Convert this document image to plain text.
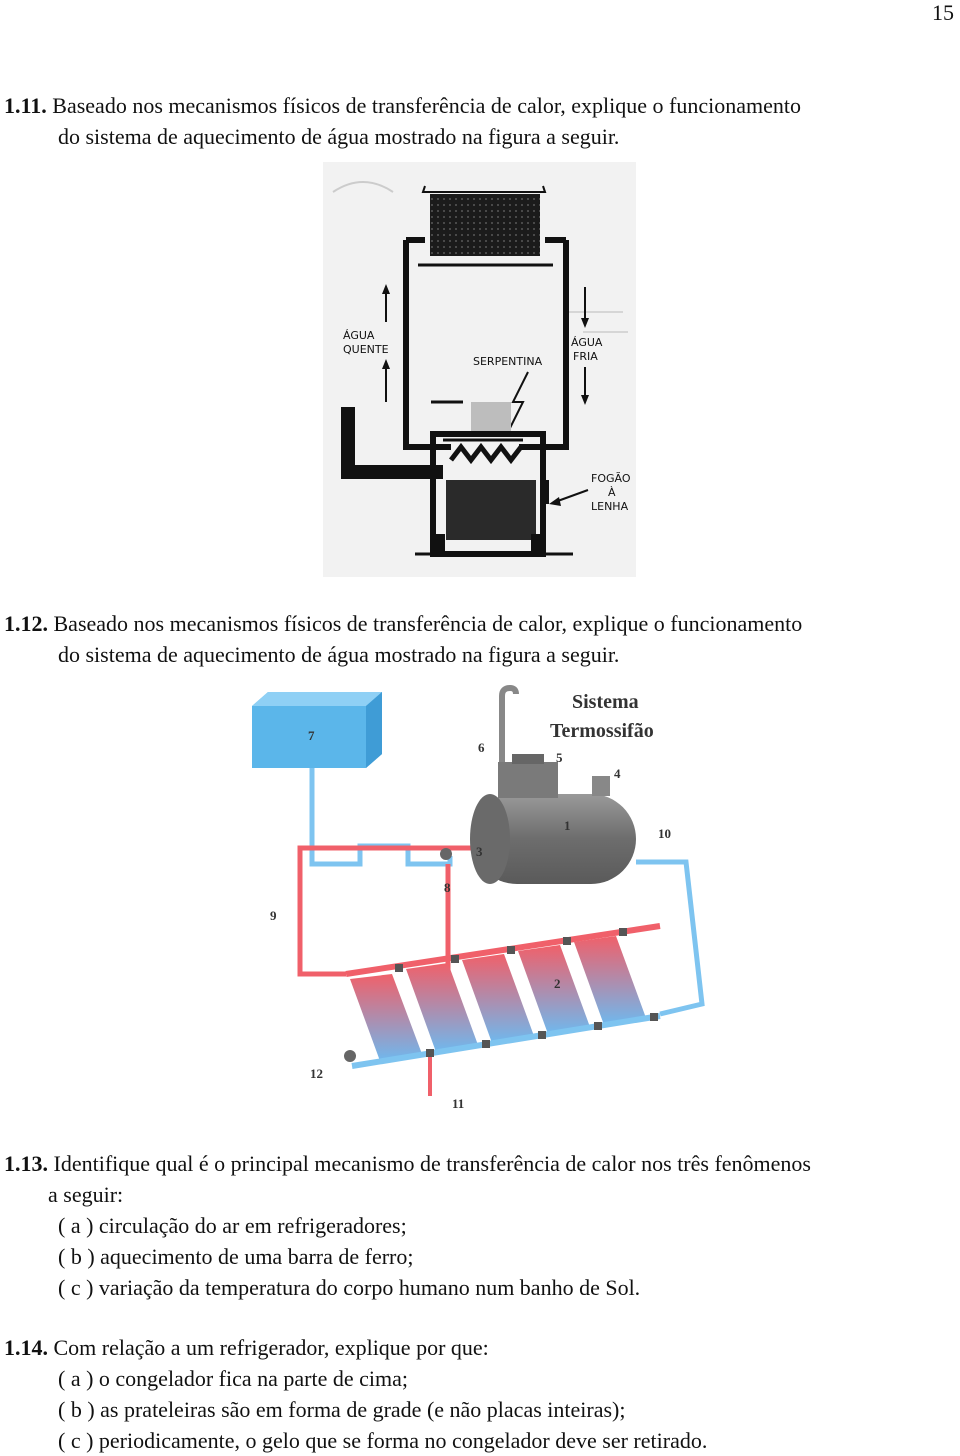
15
1.11. Baseado nos mecanismos físicos de transferência de calor, explique o funcionamento
do sistema de aquecimento de água mostrado na figura a seguir.
ÁGUA
QUENTE
ÁGUA
FRIA
SERPENTINA
FOGÃO
À
LENHA
1.12. Baseado nos mecanismos físicos de transferência de calor, explique o funcionamento
do sistema de aquecimento de água mostrado na figura a seguir.
Sistema
Termossifão
7
6
5
4
1
10
3
8
9
2
12
11
1.13. Identifique qual é o principal mecanismo de transferência de calor nos três fenômenos
a seguir:
( a ) circulação do ar em refrigeradores;
( b ) aquecimento de uma barra de ferro;
( c ) variação da temperatura do corpo humano num banho de Sol.
1.14. Com relação a um refrigerador, explique por que:
( a ) o congelador fica na parte de cima;
( b ) as prateleiras são em forma de grade (e não placas inteiras);
( c ) periodicamente, o gelo que se forma no congelador deve ser retirado.
